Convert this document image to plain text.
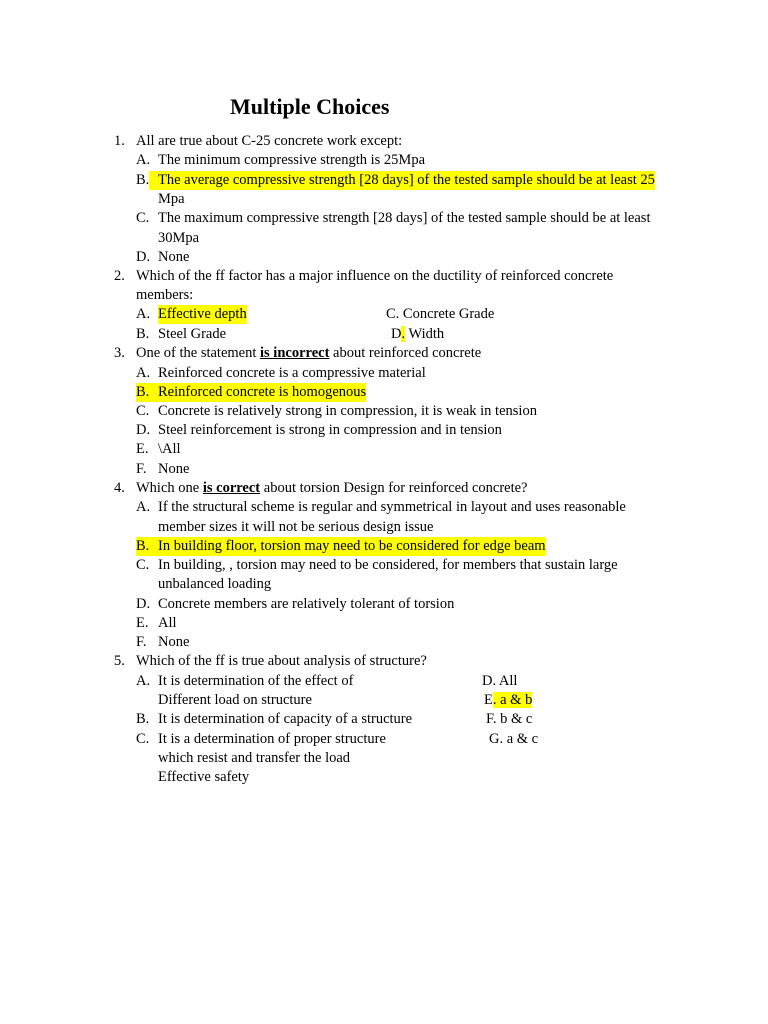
Multiple Choices
1. All are true about C-25 concrete work except:
A. The minimum compressive strength is 25Mpa
B. The average compressive strength [28 days] of the tested sample should be at least 25
Mpa
C. The maximum compressive strength [28 days] of the tested sample should be at least
30Mpa
D. None
2. Which of the ff factor has a major influence on the ductility of reinforced concrete
members:
A. Effective depth	C. Concrete Grade
B. Steel Grade	D. Width
3. One of the statement is incorrect about reinforced concrete
A. Reinforced concrete is a compressive material
B. Reinforced concrete is homogenous
C. Concrete is relatively strong in compression, it is weak in tension
D. Steel reinforcement is strong in compression and in tension
E. \All
F. None
4. Which one is correct about torsion Design for reinforced concrete?
A. If the structural scheme is regular and symmetrical in layout and uses reasonable
member sizes it will not be serious design issue
B. In building floor, torsion may need to be considered for edge beam
C. In building, , torsion may need to be considered, for members that sustain large
unbalanced loading
D. Concrete members are relatively tolerant of torsion
E. All
F. None
5. Which of the ff is true about analysis of structure?
A. It is determination of the effect of	D. All
Different load on structure	E. a & b
B. It is determination of capacity of a structure	F. b & c
C. It is a determination of proper structure	G. a & c
which resist and transfer the load
Effective safety
